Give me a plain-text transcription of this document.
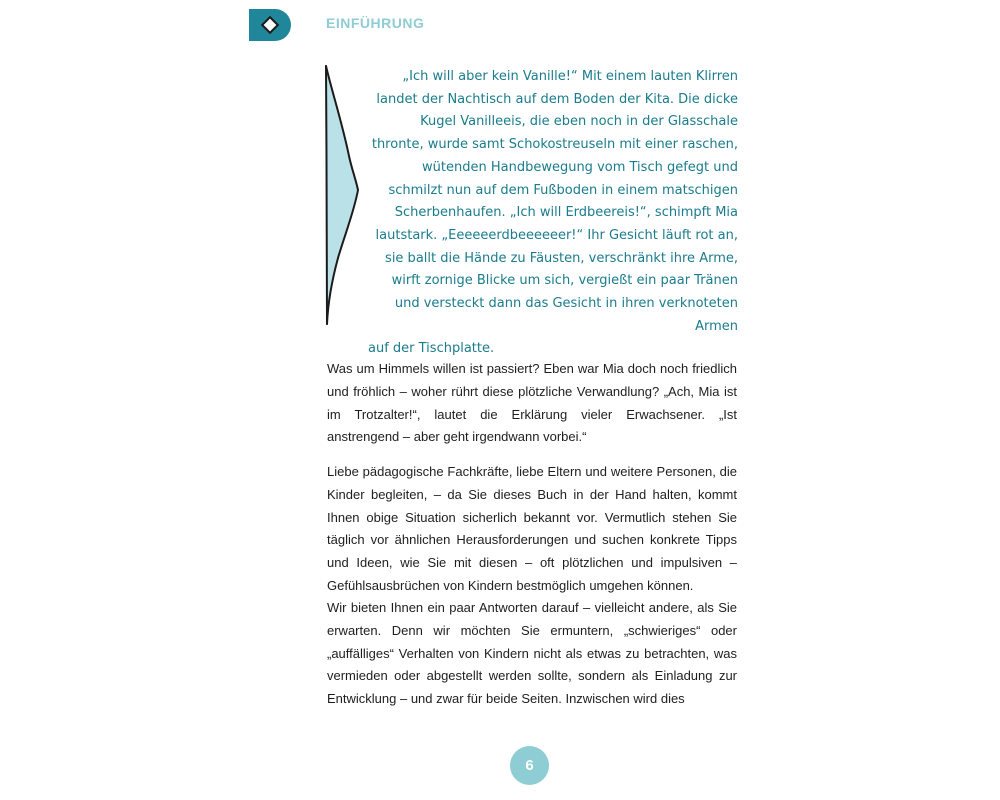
EINFÜHRUNG

„Ich will aber kein Vanille!“ Mit einem lauten Klirren landet der Nachtisch auf dem Boden der Kita. Die dicke Kugel Vanilleeis, die eben noch in der Glasschale thronte, wurde samt Schokostreuseln mit einer raschen, wütenden Handbewegung vom Tisch gefegt und schmilzt nun auf dem Fußboden in einem matschigen Scherbenhaufen. „Ich will Erdbeereis!“, schimpft Mia lautstark. „Eeeeeerdbeeeeeer!“ Ihr Gesicht läuft rot an, sie ballt die Hände zu Fäusten, verschränkt ihre Arme, wirft zornige Blicke um sich, vergießt ein paar Tränen und versteckt dann das Gesicht in ihren verknoteten Armen
auf der Tischplatte.

Was um Himmels willen ist passiert? Eben war Mia doch noch friedlich und fröhlich – woher rührt diese plötzliche Verwandlung? „Ach, Mia ist im Trotzalter!“, lautet die Erklärung vieler Erwachsener. „Ist anstrengend – aber geht irgendwann vorbei.“

Liebe pädagogische Fachkräfte, liebe Eltern und weitere Personen, die Kinder begleiten, – da Sie dieses Buch in der Hand halten, kommt Ihnen obige Situation sicherlich bekannt vor. Vermutlich stehen Sie täglich vor ähnlichen Herausforderungen und suchen konkrete Tipps und Ideen, wie Sie mit diesen – oft plötzlichen und impulsiven – Gefühlsausbrüchen von Kindern bestmöglich umgehen können.

Wir bieten Ihnen ein paar Antworten darauf – vielleicht andere, als Sie erwarten. Denn wir möchten Sie ermuntern, „schwieriges“ oder „auffälliges“ Verhalten von Kindern nicht als etwas zu betrachten, was vermieden oder abgestellt werden sollte, sondern als Einladung zur Entwicklung – und zwar für beide Seiten. Inzwischen wird dies

6
